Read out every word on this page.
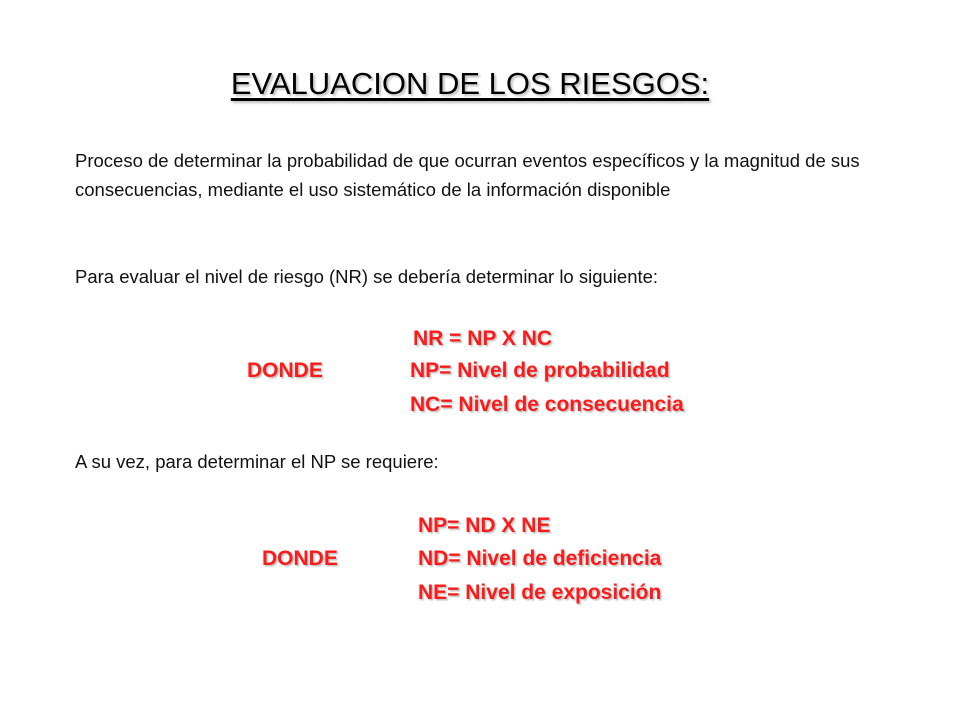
EVALUACION DE LOS RIESGOS:
Proceso de determinar la probabilidad de que ocurran eventos específicos y la magnitud de sus consecuencias, mediante el uso sistemático de la información disponible
Para evaluar el nivel de riesgo (NR) se debería determinar lo siguiente:
NR = NP X NC
DONDE	NP= Nivel de probabilidad
NC= Nivel de consecuencia
A su vez, para determinar el NP se requiere:
NP= ND X NE
DONDE	ND= Nivel de deficiencia
NE= Nivel de exposición
